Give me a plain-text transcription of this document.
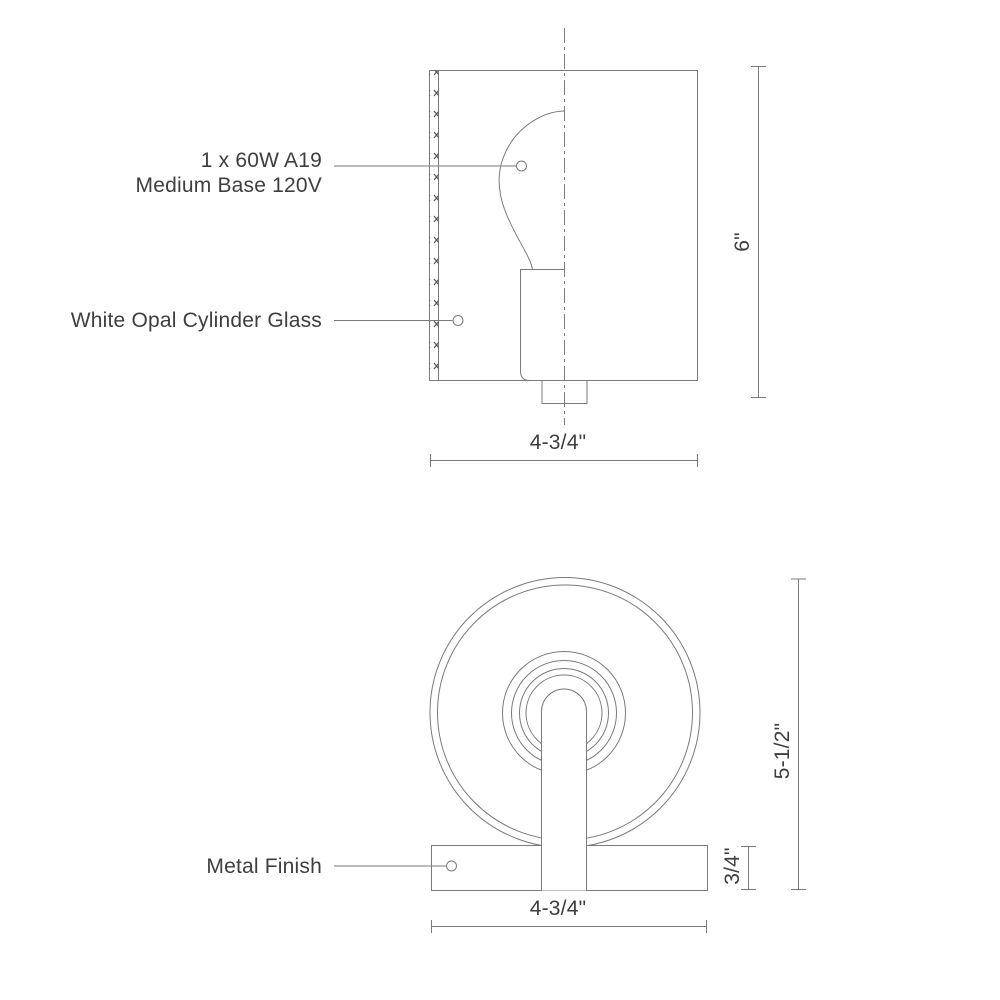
1 x 60W A19
Medium Base 120V
White Opal Cylinder Glass
6"
4-3/4"
Metal Finish
5-1/2"
3/4"
4-3/4"
